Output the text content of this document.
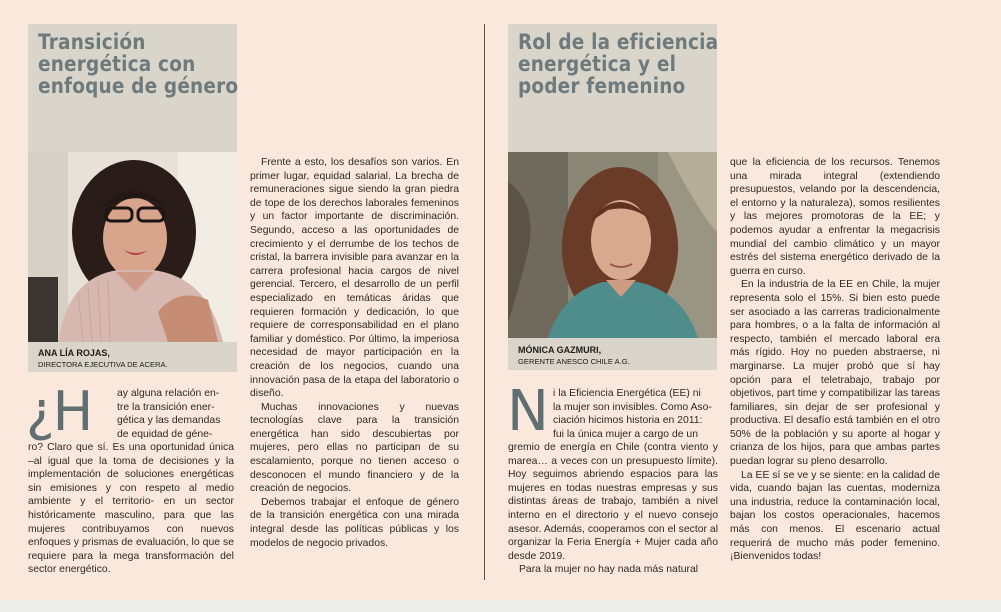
Transición
energética con
enfoque de género
ANA LÍA ROJAS,
DIRECTORA EJECUTIVA DE ACERA.
¿H ay alguna relación en-
tre la transición ener-
gética y las demandas
de equidad de géne-

ro? Claro que sí. Es una oportunidad única –al igual que la toma de decisiones y la implementación de soluciones energéticas sin emisiones y con respeto al medio ambiente y el territorio- en un sector históricamente masculino, para que las mujeres contribuyamos con nuevos enfoques y prismas de evaluación, lo que se requiere para la mega transformación del sector energético.

Frente a esto, los desafíos son varios. En primer lugar, equidad salarial. La brecha de remuneraciones sigue siendo la gran piedra de tope de los derechos laborales femeninos y un factor importante de discriminación. Segundo, acceso a las oportunidades de crecimiento y el derrumbe de los techos de cristal, la barrera invisible para avanzar en la carrera profesional hacia cargos de nivel gerencial. Tercero, el desarrollo de un perfil especializado en temáticas áridas que requieren formación y dedicación, lo que requiere de corresponsabilidad en el plano familiar y doméstico. Por último, la imperiosa necesidad de mayor participación en la creación de los negocios, cuando una innovación pasa de la etapa del laboratorio o diseño.

Muchas innovaciones y nuevas tecnologías clave para la transición energética han sido descubiertas por mujeres, pero ellas no participan de su escalamiento, porque no tienen acceso o desconocen el mundo financiero y de la creación de negocios.

Debemos trabajar el enfoque de género de la transición energética con una mirada integral desde las políticas públicas y los modelos de negocio privados.

Rol de la eficiencia
energética y el
poder femenino
MÓNICA GAZMURI,
GERENTE ANESCO CHILE A.G.
N i la Eficiencia Energética (EE) ni
la mujer son invisibles. Como Aso-
ciación hicimos historia en 2011:
fui la única mujer a cargo de un

gremio de energía en Chile (contra viento y marea… a veces con un presupuesto límite). Hoy seguimos abriendo espacios para las mujeres en todas nuestras empresas y sus distintas áreas de trabajo, también a nivel interno en el directorio y el nuevo consejo asesor. Además, cooperamos con el sector al organizar la Feria Energía + Mujer cada año desde 2019.

Para la mujer no hay nada más natural

que la eficiencia de los recursos. Tenemos una mirada integral (extendiendo presupuestos, velando por la descendencia, el entorno y la naturaleza), somos resilientes y las mejores promotoras de la EE; y podemos ayudar a enfrentar la megacrisis mundial del cambio climático y un mayor estrés del sistema energético derivado de la guerra en curso.

En la industria de la EE en Chile, la mujer representa solo el 15%. Si bien esto puede ser asociado a las carreras tradicionalmente para hombres, o a la falta de información al respecto, también el mercado laboral era más rígido. Hoy no pueden abstraerse, ni marginarse. La mujer probó que sí hay opción para el teletrabajo, trabajo por objetivos, part time y compatibilizar las tareas familiares, sin dejar de ser profesional y productiva. El desafío está también en el otro 50% de la población y su aporte al hogar y crianza de los hijos, para que ambas partes puedan lograr su pleno desarrollo.

La EE sí se ve y se siente: en la calidad de vida, cuando bajan las cuentas, moderniza una industria, reduce la contaminación local, bajan los costos operacionales, hacemos más con menos. El escenario actual requerirá de mucho más poder femenino. ¡Bienvenidos todas!
